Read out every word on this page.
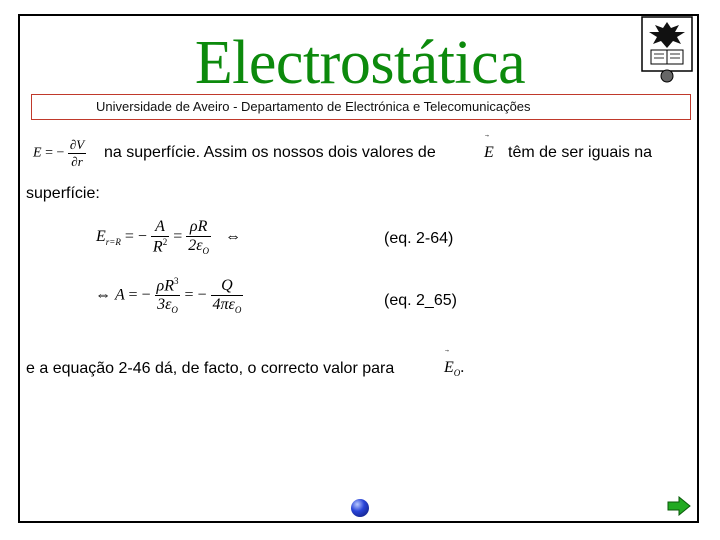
Electrostática
Universidade de Aveiro - Departamento de Electrónica e Telecomunicações
E = − $\frac{\partial V}{\partial r}$ na superfície. Assim os nossos dois valores de	E têm de ser iguais na
superfície:
$E_{r=R}$ = − $\frac{A}{R^2} = \frac{\rho R}{2\varepsilon_O}$ ⇔	(eq. 2-64)
⇔ A = − $\frac{\rho R^3}{3\varepsilon_O}$ = − $\frac{Q}{4\pi\varepsilon_O}$	(eq. 2_65)
e a equação 2-46 dá, de facto, o correcto valor para	$E_O$.
